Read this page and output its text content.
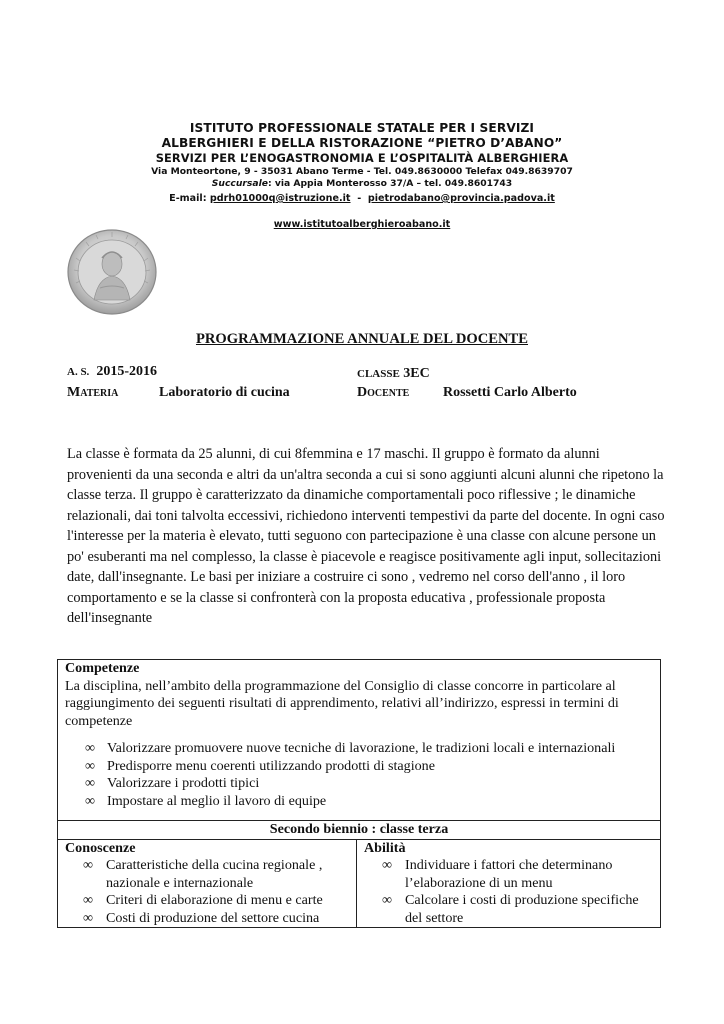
ISTITUTO PROFESSIONALE STATALE PER I SERVIZI
ALBERGHIERI E DELLA RISTORAZIONE “PIETRO D’ABANO”
SERVIZI PER L’ENOGASTRONOMIA E L’OSPITALITÀ ALBERGHIERA
Via Monteortone, 9 - 35031 Abano Terme - Tel. 049.8630000 Telefax 049.8639707
Succursale: via Appia Monterosso 37/A – tel. 049.8601743
E-mail: pdrh01000q@istruzione.it  -  pietrodabano@provincia.padova.it
www.istitutoalberghieroabano.it
PROGRAMMAZIONE ANNUALE DEL DOCENTE
A. S. 2015-2016	CLASSE 3EC
Materia	Laboratorio di cucina	Docente Rossetti Carlo Alberto
La classe è formata da 25 alunni, di cui 8femmina e 17 maschi. Il gruppo è formato da alunni provenienti da una seconda e altri da un'altra seconda a cui si sono aggiunti alcuni alunni che ripetono la classe terza. Il gruppo è caratterizzato da dinamiche comportamentali poco riflessive ; le dinamiche relazionali, dai toni talvolta eccessivi, richiedono interventi tempestivi da parte del docente. In ogni caso l'interesse per la materia è elevato, tutti seguono con partecipazione è una classe con alcune persone un po' esuberanti ma nel complesso, la classe è piacevole e reagisce positivamente agli input, sollecitazioni date, dall'insegnante. Le basi per iniziare a costruire ci sono , vedremo nel corso dell'anno , il loro comportamento e se la classe si confronterà con la proposta educativa , professionale proposta dell'insegnante
Competenze
La disciplina, nell’ambito della programmazione del Consiglio di classe concorre in particolare al raggiungimento dei seguenti risultati di apprendimento, relativi all’indirizzo, espressi in termini di competenze
∞ Valorizzare promuovere nuove tecniche di lavorazione, le tradizioni locali e internazionali
∞ Predisporre menu coerenti utilizzando prodotti di stagione
∞ Valorizzare i prodotti tipici
∞ Impostare al meglio il lavoro di equipe

Secondo biennio : classe terza
Conoscenze
∞ Caratteristiche della cucina regionale , nazionale e internazionale
∞ Criteri di elaborazione di menu e carte
∞ Costi di produzione del settore cucina
	Abilità
∞ Individuare i fattori che determinano l’elaborazione di un menu
∞ Calcolare i costi di produzione specifiche del settore
